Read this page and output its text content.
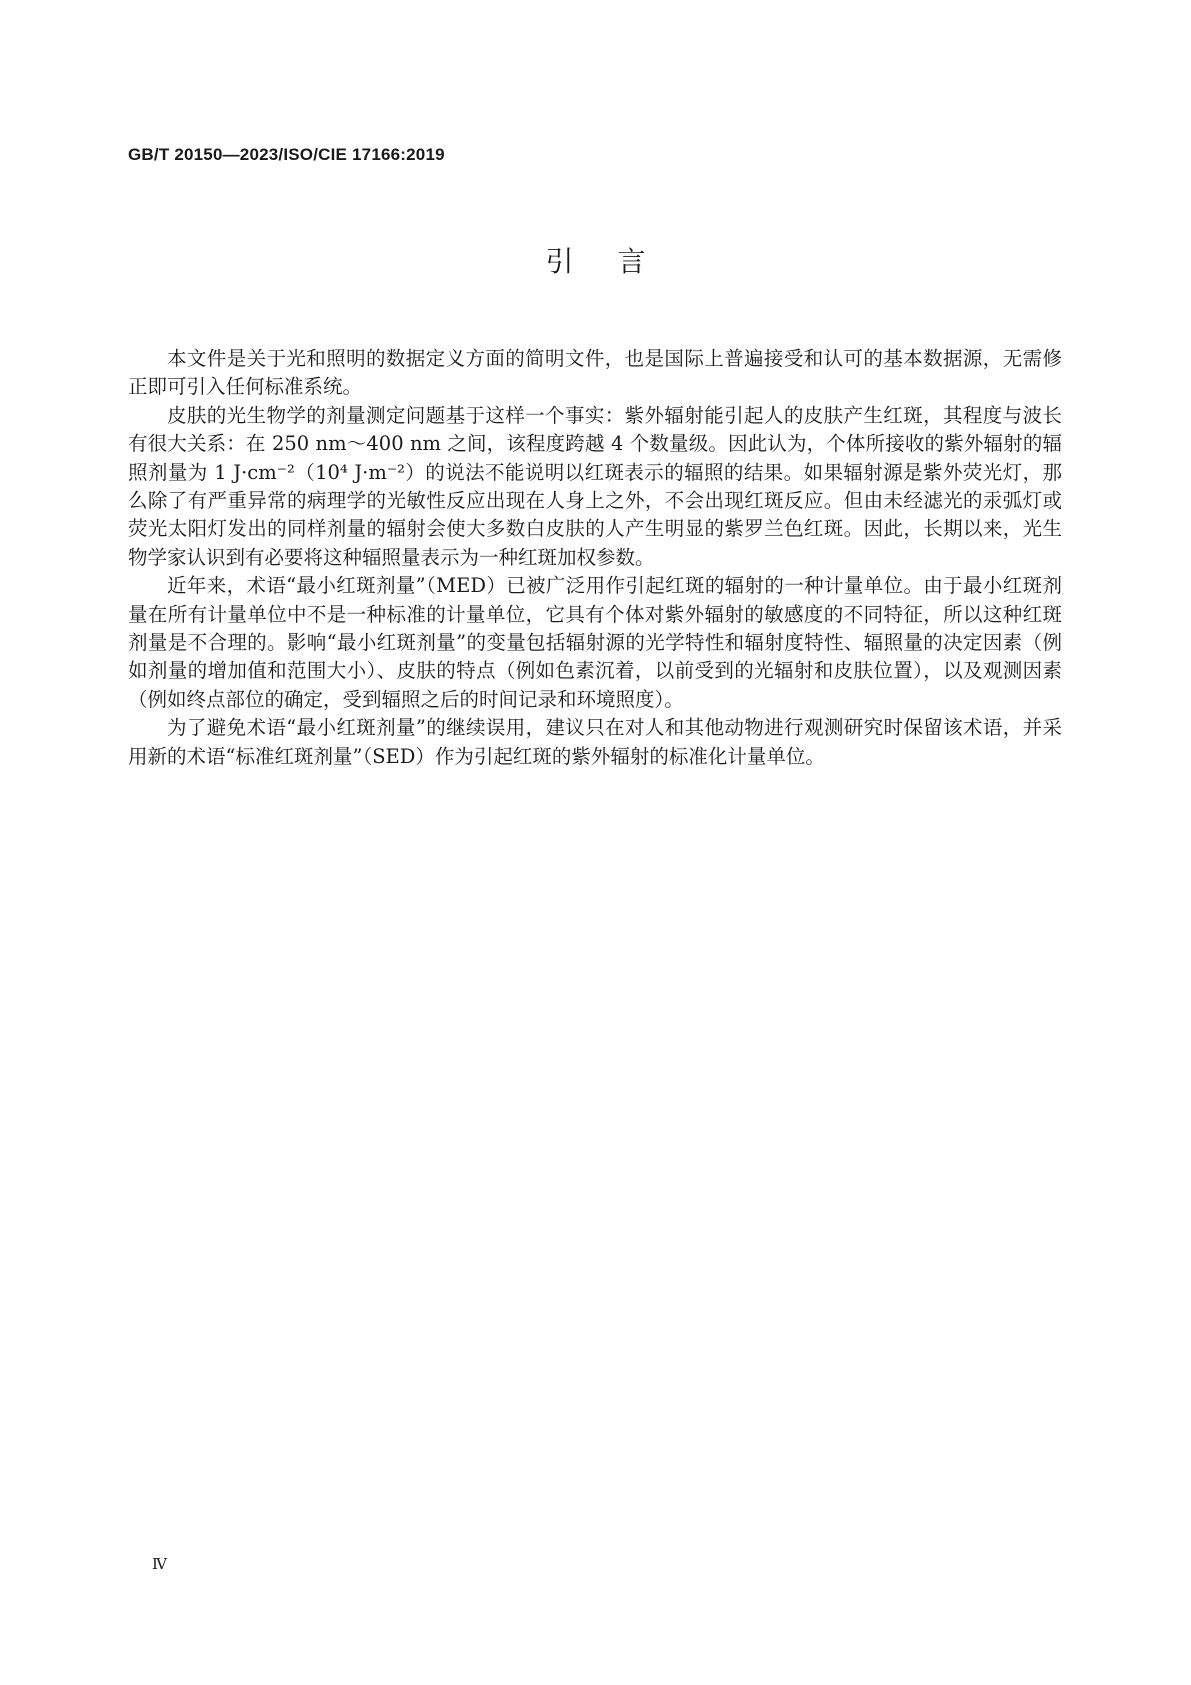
GB/T 20150—2023/ISO/CIE 17166:2019
引 言

本文件是关于光和照明的数据定义方面的简明文件，也是国际上普遍接受和认可的基本数据源，无需修正即可引入任何标准系统。

皮肤的光生物学的剂量测定问题基于这样一个事实：紫外辐射能引起人的皮肤产生红斑，其程度与波长有很大关系：在 250 nm～400 nm 之间，该程度跨越 4 个数量级。因此认为，个体所接收的紫外辐射的辐照剂量为 1 J·cm⁻²（10⁴ J·m⁻²）的说法不能说明以红斑表示的辐照的结果。如果辐射源是紫外荧光灯，那么除了有严重异常的病理学的光敏性反应出现在人身上之外，不会出现红斑反应。但由未经滤光的汞弧灯或荧光太阳灯发出的同样剂量的辐射会使大多数白皮肤的人产生明显的紫罗兰色红斑。因此，长期以来，光生物学家认识到有必要将这种辐照量表示为一种红斑加权参数。

近年来，术语“最小红斑剂量”（MED）已被广泛用作引起红斑的辐射的一种计量单位。由于最小红斑剂量在所有计量单位中不是一种标准的计量单位，它具有个体对紫外辐射的敏感度的不同特征，所以这种红斑剂量是不合理的。影响“最小红斑剂量”的变量包括辐射源的光学特性和辐射度特性、辐照量的决定因素（例如剂量的增加值和范围大小）、皮肤的特点（例如色素沉着，以前受到的光辐射和皮肤位置），以及观测因素（例如终点部位的确定，受到辐照之后的时间记录和环境照度）。

为了避免术语“最小红斑剂量”的继续误用，建议只在对人和其他动物进行观测研究时保留该术语，并采用新的术语“标准红斑剂量”（SED）作为引起红斑的紫外辐射的标准化计量单位。

Ⅳ
